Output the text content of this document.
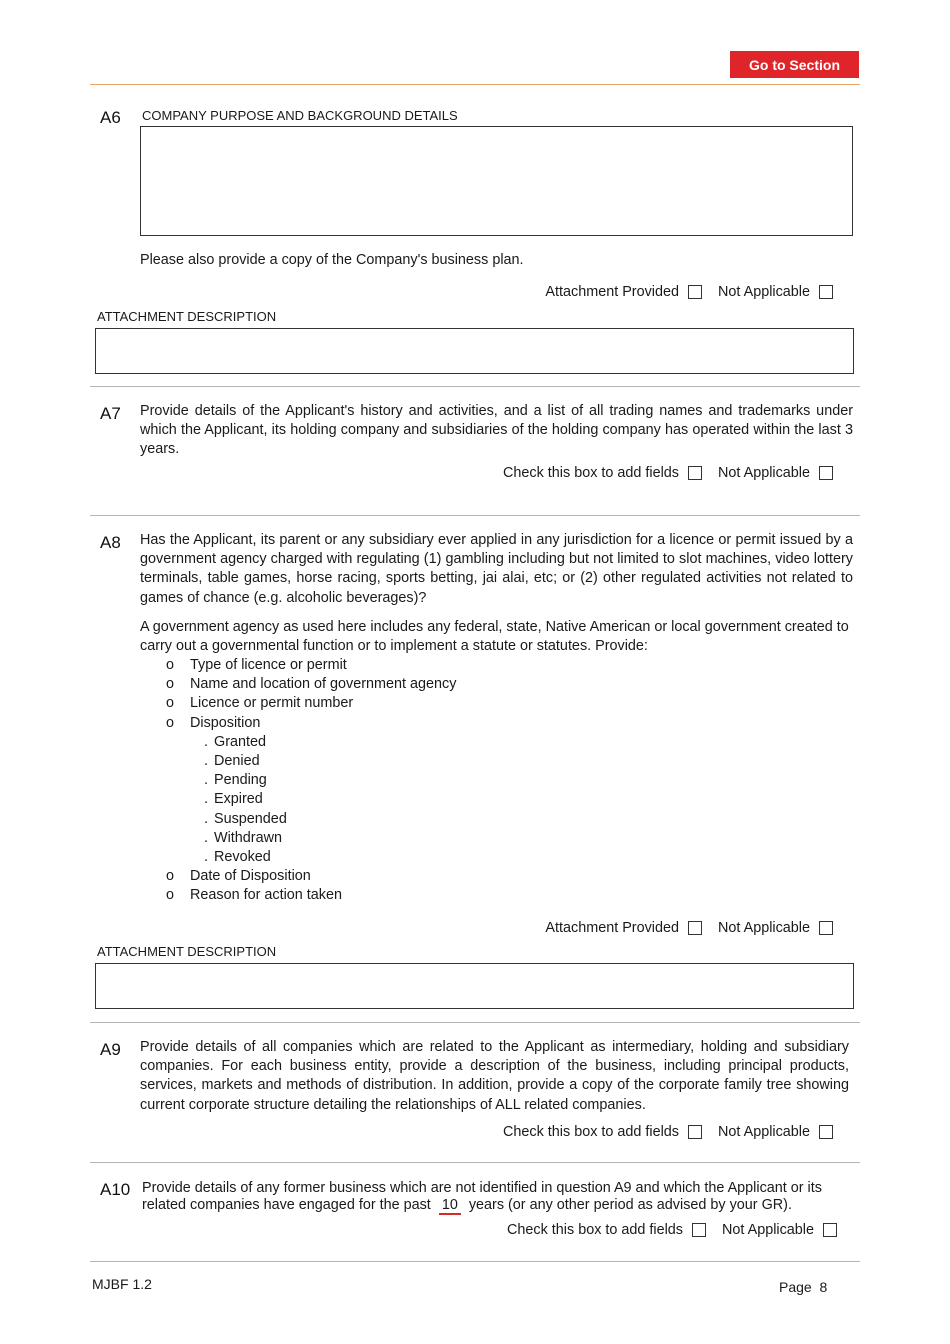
Go to Section
A6 COMPANY PURPOSE AND BACKGROUND DETAILS
Please also provide a copy of the Company's business plan.
Attachment Provided	Not Applicable
ATTACHMENT DESCRIPTION
A7 Provide details of the Applicant's history and activities, and a list of all trading names and trademarks under which the Applicant, its holding company and subsidiaries of the holding company has operated within the last 3 years.
Check this box to add fields	Not Applicable
A8 Has the Applicant, its parent or any subsidiary ever applied in any jurisdiction for a licence or permit issued by a government agency charged with regulating (1) gambling including but not limited to slot machines, video lottery terminals, table games, horse racing, sports betting, jai alai, etc; or (2) other regulated activities not related to games of chance (e.g. alcoholic beverages)?
A government agency as used here includes any federal, state, Native American or local government created to carry out a governmental function or to implement a statute or statutes. Provide:
o Type of licence or permit
o Name and location of government agency
o Licence or permit number
o Disposition
. Granted
. Denied
. Pending
. Expired
. Suspended
. Withdrawn
. Revoked
o Date of Disposition
o Reason for action taken
Attachment Provided	Not Applicable
ATTACHMENT DESCRIPTION
A9 Provide details of all companies which are related to the Applicant as intermediary, holding and subsidiary companies. For each business entity, provide a description of the business, including principal products, services, markets and methods of distribution. In addition, provide a copy of the corporate family tree showing current corporate structure detailing the relationships of ALL related companies.
Check this box to add fields	Not Applicable
A10 Provide details of any former business which are not identified in question A9 and which the Applicant or its related companies have engaged for the past 10 years (or any other period as advised by your GR).
Check this box to add fields	Not Applicable
MJBF 1.2	Page 8
